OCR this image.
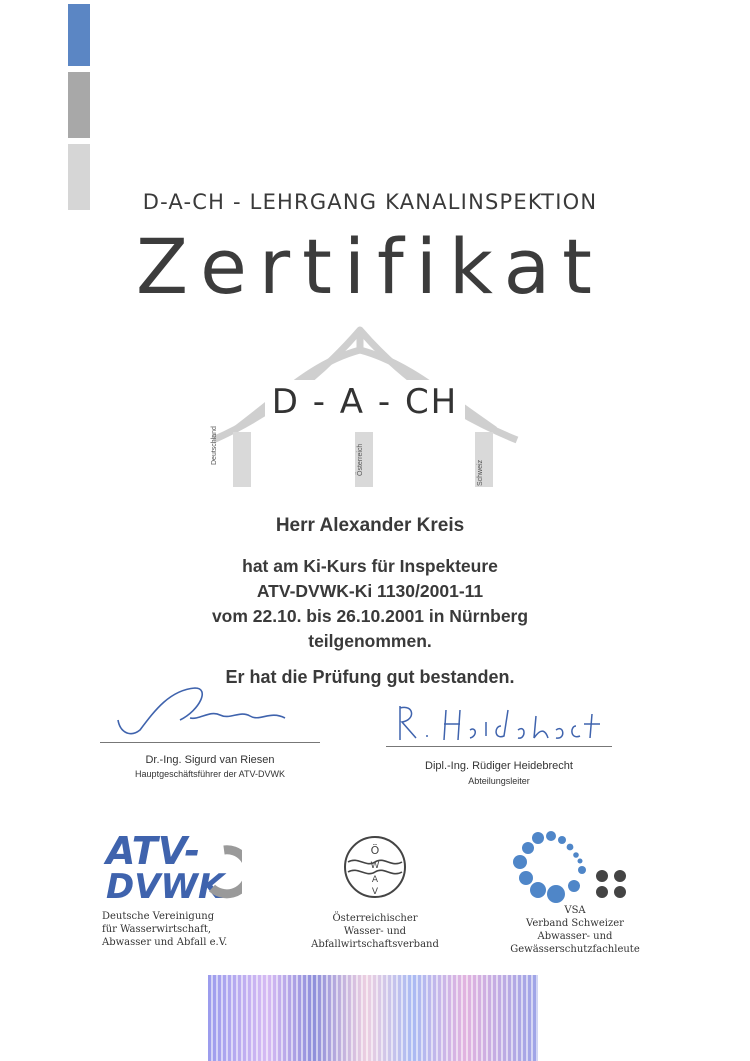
D-A-CH - LEHRGANG KANALINSPEKTION
Zertifikat
D - A - CH
Deutschland	Österreich	Schweiz
Herr Alexander Kreis
hat am Ki-Kurs für Inspekteure
ATV-DVWK-Ki 1130/2001-11
vom 22.10. bis 26.10.2001 in Nürnberg
teilgenommen.
Er hat die Prüfung gut bestanden.
Dr.-Ing. Sigurd van Riesen
Hauptgeschäftsführer der ATV-DVWK
Dipl.-Ing. Rüdiger Heidebrecht
Abteilungsleiter
ATV-
DVWK
Deutsche Vereinigung
für Wasserwirtschaft,
Abwasser und Abfall e.V.
Ö
W
A
V
Österreichischer
Wasser- und
Abfallwirtschaftsverband
VSA
Verband Schweizer
Abwasser- und
Gewässerschutzfachleute
